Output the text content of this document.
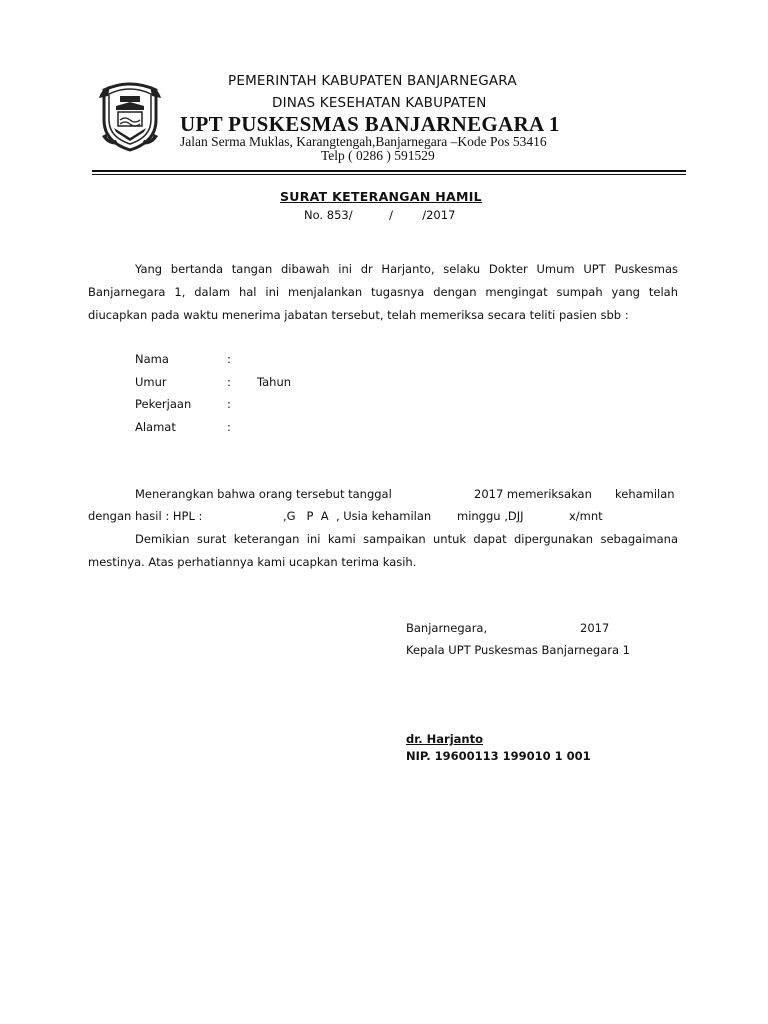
PEMERINTAH KABUPATEN BANJARNEGARA
DINAS KESEHATAN KABUPATEN
UPT PUSKESMAS BANJARNEGARA 1
Jalan Serma Muklas, Karangtengah,Banjarnegara –Kode Pos 53416
Telp ( 0286 ) 591529
SURAT KETERANGAN HAMIL
No. 853/          /        /2017
Yang bertanda tangan dibawah ini dr Harjanto, selaku Dokter Umum UPT Puskesmas
Banjarnegara 1, dalam hal ini menjalankan tugasnya dengan mengingat sumpah yang telah
diucapkan pada waktu menerima jabatan tersebut, telah memeriksa secara teliti pasien sbb :
Nama	:
Umur	: Tahun
Pekerjaan	:
Alamat	:
Menerangkan bahwa orang tersebut tanggal	2017 memeriksakan kehamilan
dengan hasil : HPL :	,G   P  A  , Usia kehamilan minggu ,DJJ	x/mnt
Demikian surat keterangan ini kami sampaikan untuk dapat dipergunakan sebagaimana
mestinya. Atas perhatiannya kami ucapkan terima kasih.
Banjarnegara,	2017
Kepala UPT Puskesmas Banjarnegara 1
dr. Harjanto
NIP. 19600113 199010 1 001
